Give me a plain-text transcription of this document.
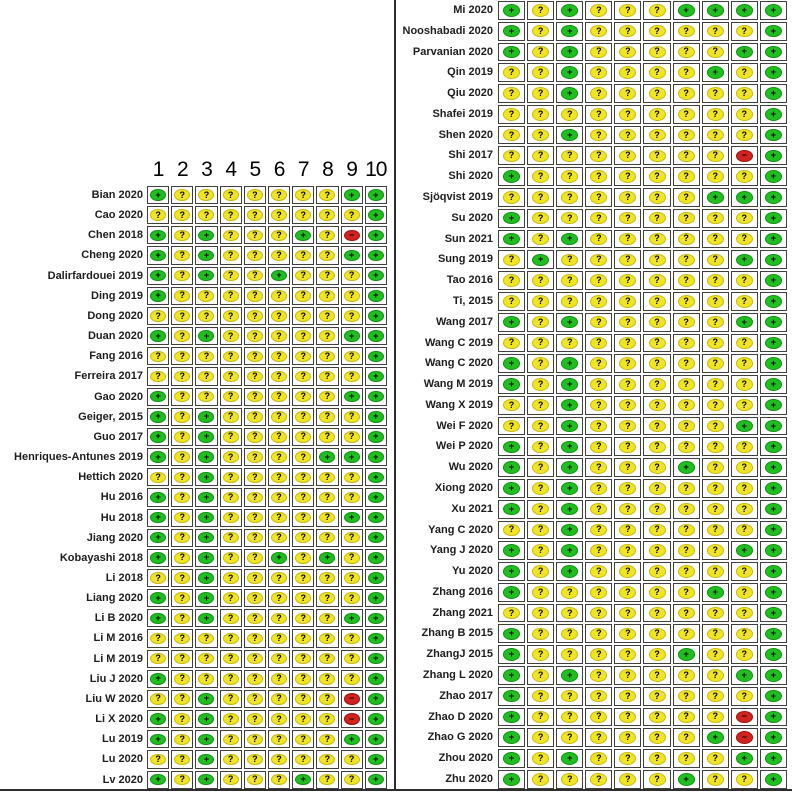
1 2 3 4 5 6 7 8 9 10
Bian 2020	+	?	?	?	?	?	?	?	+	+
Cao 2020	?	?	?	?	?	?	?	?	?	+
Chen 2018	+	?	+	?	?	?	+	?	−	+
Cheng 2020	+	?	+	?	?	?	?	?	+	+
Dalirfardouei 2019	+	?	+	?	?	+	?	?	?	+
Ding 2019	+	?	?	?	?	?	?	?	?	+
Dong 2020	?	?	?	?	?	?	?	?	?	+
Duan 2020	+	?	+	?	?	?	?	?	+	+
Fang 2016	?	?	?	?	?	?	?	?	?	+
Ferreira 2017	?	?	?	?	?	?	?	?	?	+
Gao 2020	+	?	?	?	?	?	?	?	+	+
Geiger, 2015	+	?	+	?	?	?	?	?	?	+
Guo 2017	+	?	+	?	?	?	?	?	?	+
Henriques-Antunes 2019	+	?	+	?	?	?	?	+	+	+
Hettich 2020	?	?	+	?	?	?	?	?	?	+
Hu 2016	+	?	+	?	?	?	?	?	?	+
Hu 2018	+	?	+	?	?	?	?	?	+	+
Jiang 2020	+	?	+	?	?	?	?	?	?	+
Kobayashi 2018	+	?	+	?	?	+	?	+	?	+
Li 2018	?	?	+	?	?	?	?	?	?	+
Liang 2020	+	?	+	?	?	?	?	?	?	+
Li B 2020	+	?	+	?	?	?	?	?	+	+
Li M 2016	?	?	?	?	?	?	?	?	?	+
Li M 2019	?	?	?	?	?	?	?	?	?	+
Liu J 2020	+	?	?	?	?	?	?	?	?	+
Liu W 2020	?	?	+	?	?	?	?	?	−	+
Li X 2020	+	?	+	?	?	?	?	?	−	+
Lu 2019	+	?	+	?	?	?	?	?	+	+
Lu 2020	?	?	+	?	?	?	?	?	?	+
Lv 2020	+	?	+	?	?	?	+	?	?	+
Mi 2020	+	?	+	?	?	?	+	+	+	+
Nooshabadi 2020	+	?	+	?	?	?	?	?	?	+
Parvanian 2020	+	?	+	?	?	?	?	?	+	+
Qin 2019	?	?	+	?	?	?	?	+	?	+
Qiu 2020	?	?	+	?	?	?	?	?	?	+
Shafei 2019	?	?	?	?	?	?	?	?	?	+
Shen 2020	?	?	+	?	?	?	?	?	?	+
Shi 2017	?	?	?	?	?	?	?	?	−	+
Shi 2020	+	?	?	?	?	?	?	?	?	+
Sjöqvist 2019	?	?	?	?	?	?	?	+	+	+
Su 2020	+	?	?	?	?	?	?	?	?	+
Sun 2021	+	?	+	?	?	?	?	?	?	+
Sung 2019	?	+	?	?	?	?	?	?	+	+
Tao 2016	?	?	?	?	?	?	?	?	?	+
Ti, 2015	?	?	?	?	?	?	?	?	?	+
Wang 2017	+	?	+	?	?	?	?	?	+	+
Wang C 2019	?	?	?	?	?	?	?	?	?	+
Wang C 2020	+	?	+	?	?	?	?	?	?	+
Wang M 2019	+	?	+	?	?	?	?	?	?	+
Wang X 2019	?	?	+	?	?	?	?	?	?	+
Wei F 2020	?	?	+	?	?	?	?	?	+	+
Wei P 2020	+	?	+	?	?	?	?	?	?	+
Wu 2020	+	?	+	?	?	?	+	?	?	+
Xiong 2020	+	?	+	?	?	?	?	?	?	+
Xu 2021	+	?	+	?	?	?	?	?	?	+
Yang C 2020	?	?	+	?	?	?	?	?	?	+
Yang J 2020	+	?	+	?	?	?	?	?	+	+
Yu 2020	+	?	+	?	?	?	?	?	?	+
Zhang 2016	+	?	?	?	?	?	?	+	?	+
Zhang 2021	?	?	?	?	?	?	?	?	?	+
Zhang B 2015	+	?	?	?	?	?	?	?	?	+
ZhangJ 2015	+	?	?	?	?	?	+	?	?	+
Zhang L 2020	+	?	+	?	?	?	?	?	+	+
Zhao 2017	+	?	?	?	?	?	?	?	?	+
Zhao D 2020	+	?	?	?	?	?	?	?	−	+
Zhao G 2020	+	?	?	?	?	?	?	+	−	+
Zhou 2020	+	?	+	?	?	?	?	?	+	+
Zhu 2020	+	?	?	?	?	?	+	?	?	+
